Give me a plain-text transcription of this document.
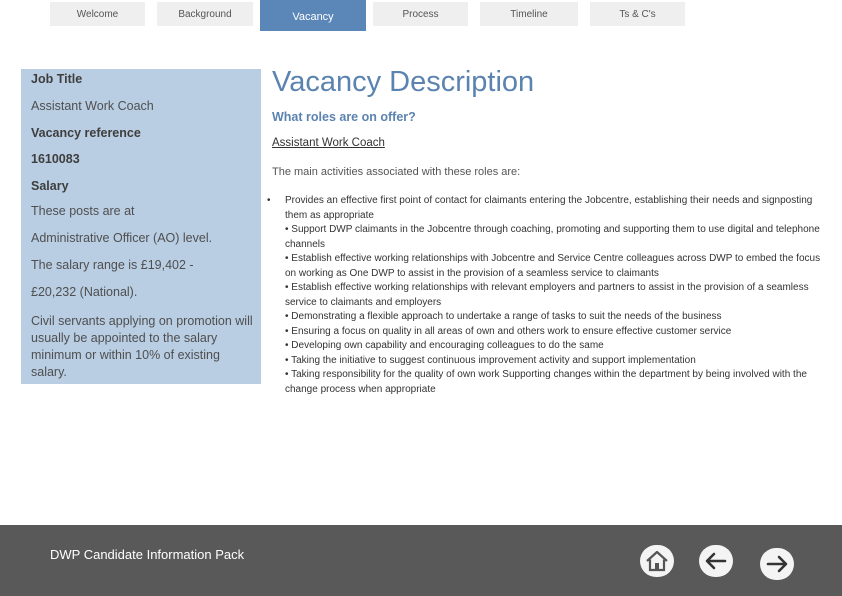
Welcome	Background	Vacancy	Process	Timeline	Ts & C's
Job Title
Assistant Work Coach
Vacancy reference
1610083
Salary
These posts are at
Administrative Officer (AO) level.
The salary range is £19,402 -
£20,232 (National).
Civil servants applying on promotion will usually be appointed to the salary minimum or within 10% of existing salary.
Vacancy Description
What roles are on offer?
Assistant Work Coach
The main activities associated with these roles are:
•	Provides an effective first point of contact for claimants entering the Jobcentre, establishing their needs and signposting them as appropriate
• Support DWP claimants in the Jobcentre through coaching, promoting and supporting them to use digital and telephone channels
• Establish effective working relationships with Jobcentre and Service Centre colleagues across DWP to embed the focus on working as One DWP to assist in the provision of a seamless service to claimants
• Establish effective working relationships with relevant employers and partners to assist in the provision of a seamless service to claimants and employers
• Demonstrating a flexible approach to undertake a range of tasks to suit the needs of the business
• Ensuring a focus on quality in all areas of own and others work to ensure effective customer service
• Developing own capability and encouraging colleagues to do the same
• Taking the initiative to suggest continuous improvement activity and support implementation
• Taking responsibility for the quality of own work Supporting changes within the department by being involved with the change process when appropriate
DWP Candidate Information Pack
